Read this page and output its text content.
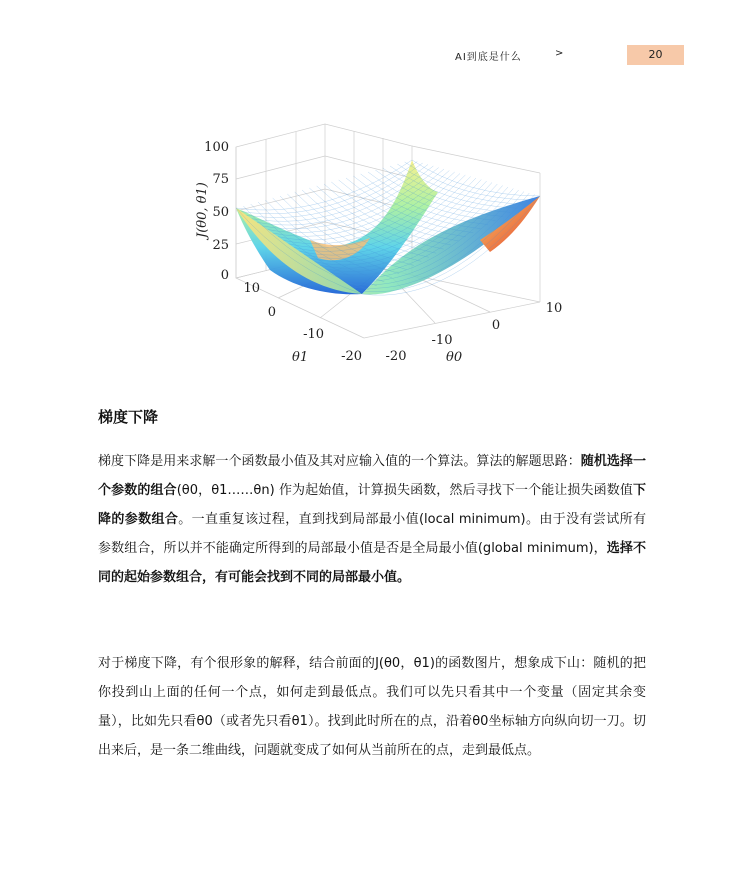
AI到底是什么	>	20
100
75
50
25
0
10
0
-10
-20 -20
-10
0
10
θ1	θ0
J(θ0, θ1)
梯度下降
梯度下降是用来求解一个函数最小值及其对应输入值的一个算法。算法的解题思路：随机选择一个参数的组合(θ0，θ1……θn) 作为起始值，计算损失函数，然后寻找下一个能让损失函数值下降的参数组合。一直重复该过程，直到找到局部最小值(local minimum)。由于没有尝试所有参数组合，所以并不能确定所得到的局部最小值是否是全局最小值(global minimum)，选择不同的起始参数组合，有可能会找到不同的局部最小值。
对于梯度下降，有个很形象的解释，结合前面的J(θ0，θ1)的函数图片，想象成下山：随机的把你投到山上面的任何一个点，如何走到最低点。我们可以先只看其中一个变量（固定其余变量），比如先只看θ0（或者先只看θ1）。找到此时所在的点，沿着θ0坐标轴方向纵向切一刀。切出来后，是一条二维曲线，问题就变成了如何从当前所在的点，走到最低点。
